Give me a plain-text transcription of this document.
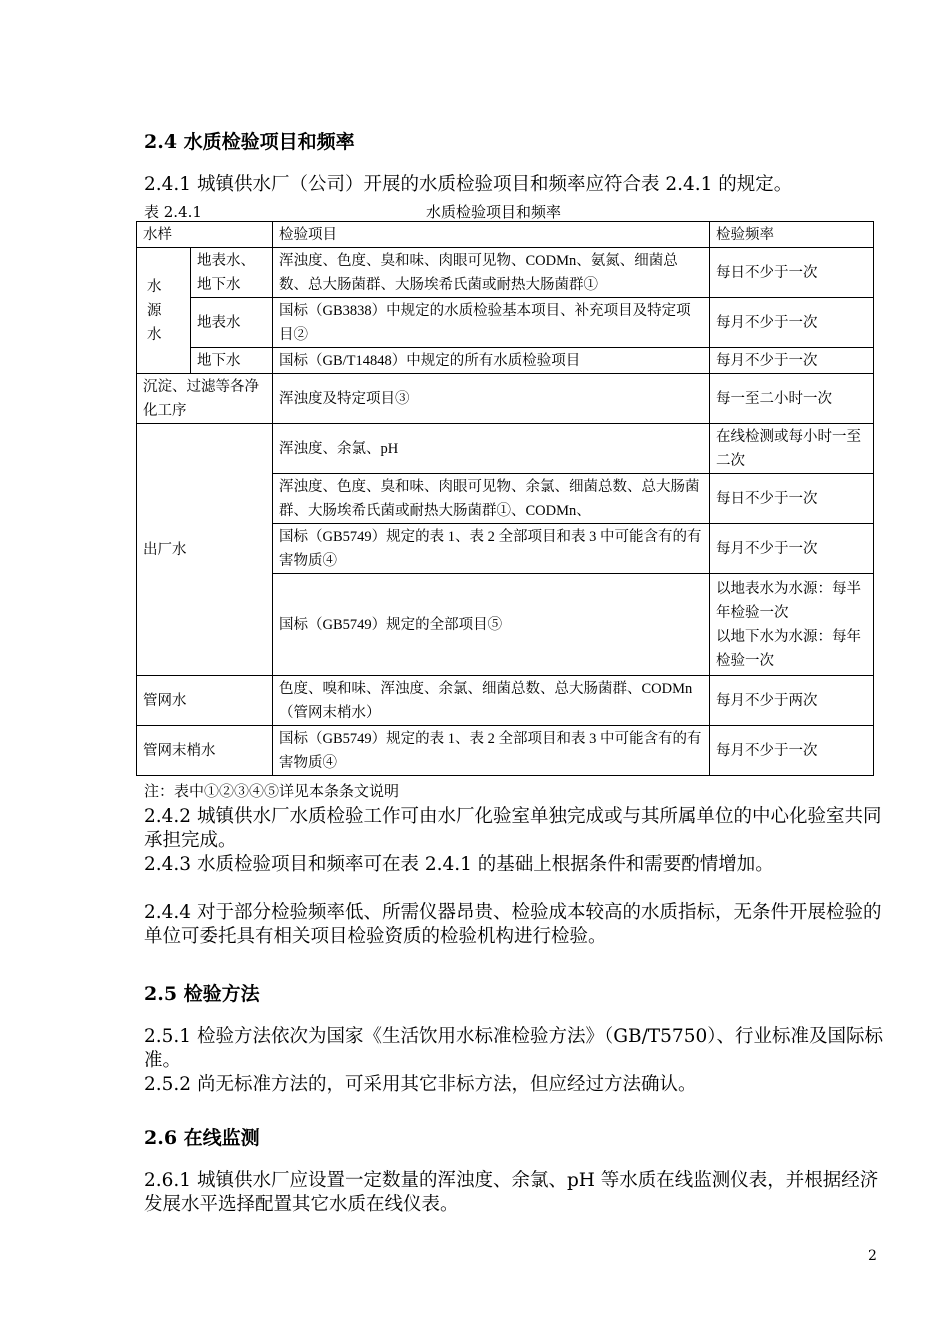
2.4 水质检验项目和频率

2.4.1 城镇供水厂（公司）开展的水质检验项目和频率应符合表 2.4.1 的规定。

表 2.4.1	水质检验项目和频率
水样		检验项目	检验频率
水
源
水	地表水、地下水	浑浊度、色度、臭和味、肉眼可见物、CODMn、氨氮、细菌总数、总大肠菌群、大肠埃希氏菌或耐热大肠菌群①	每日不少于一次
	地表水	国标（GB3838）中规定的水质检验基本项目、补充项目及特定项目②	每月不少于一次
	地下水	国标（GB/T14848）中规定的所有水质检验项目	每月不少于一次
沉淀、过滤等各净化工序		浑浊度及特定项目③	每一至二小时一次
出厂水		浑浊度、余氯、pH	在线检测或每小时一至二次
		浑浊度、色度、臭和味、肉眼可见物、余氯、细菌总数、总大肠菌群、大肠埃希氏菌或耐热大肠菌群①、CODMn、	每日不少于一次
		国标（GB5749）规定的表 1、表 2 全部项目和表 3 中可能含有的有害物质④	每月不少于一次
		国标（GB5749）规定的全部项目⑤	以地表水为水源：每半年检验一次
以地下水为水源：每年检验一次
管网水		色度、嗅和味、浑浊度、余氯、细菌总数、总大肠菌群、CODMn（管网末梢水）	每月不少于两次
管网末梢水		国标（GB5749）规定的表 1、表 2 全部项目和表 3 中可能含有的有害物质④	每月不少于一次
注：表中①②③④⑤详见本条条文说明

2.4.2 城镇供水厂水质检验工作可由水厂化验室单独完成或与其所属单位的中心化验室共同承担完成。

2.4.3 水质检验项目和频率可在表 2.4.1 的基础上根据条件和需要酌情增加。

2.4.4 对于部分检验频率低、所需仪器昂贵、检验成本较高的水质指标，无条件开展检验的单位可委托具有相关项目检验资质的检验机构进行检验。

2.5 检验方法

2.5.1 检验方法依次为国家《生活饮用水标准检验方法》（GB/T5750）、行业标准及国际标准。

2.5.2 尚无标准方法的，可采用其它非标方法，但应经过方法确认。

2.6 在线监测

2.6.1 城镇供水厂应设置一定数量的浑浊度、余氯、pH 等水质在线监测仪表，并根据经济发展水平选择配置其它水质在线仪表。

2
